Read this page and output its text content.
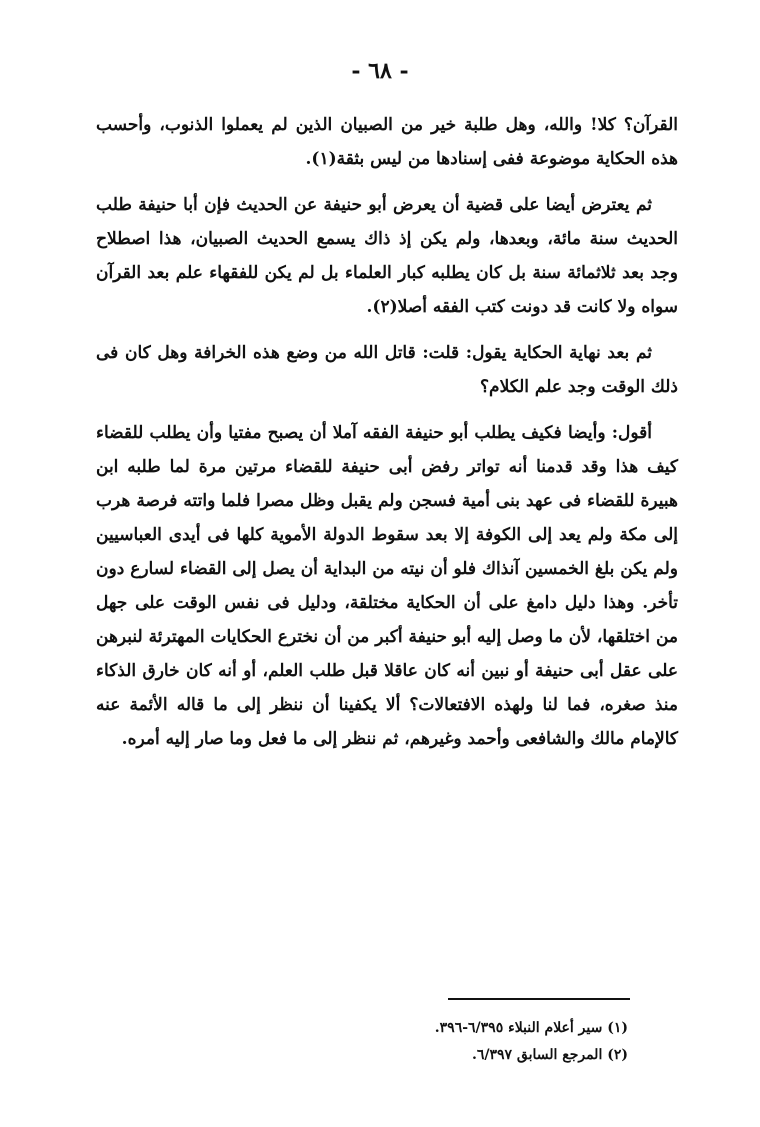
- ٦٨ -

القرآن؟ كلا! والله، وهل طلبة خير من الصبيان الذين لم يعملوا الذنوب، وأحسب هذه الحكاية موضوعة ففى إسنادها من ليس بثقة(١).

ثم يعترض أيضا على قضية أن يعرض أبو حنيفة عن الحديث فإن أبا حنيفة طلب الحديث سنة مائة، وبعدها، ولم يكن إذ ذاك يسمع الحديث الصبيان، هذا اصطلاح وجد بعد ثلاثمائة سنة بل كان يطلبه كبار العلماء بل لم يكن للفقهاء علم بعد القرآن سواه ولا كانت قد دونت كتب الفقه أصلا(٢).

ثم بعد نهاية الحكاية يقول: قلت: قاتل الله من وضع هذه الخرافة وهل كان فى ذلك الوقت وجد علم الكلام؟

أقول: وأيضا فكيف يطلب أبو حنيفة الفقه آملا أن يصبح مفتيا وأن يطلب للقضاء كيف هذا وقد قدمنا أنه تواتر رفض أبى حنيفة للقضاء مرتين مرة لما طلبه ابن هبيرة للقضاء فى عهد بنى أمية فسجن ولم يقبل وظل مصرا فلما واتته فرصة هرب إلى مكة ولم يعد إلى الكوفة إلا بعد سقوط الدولة الأموية كلها فى أيدى العباسيين ولم يكن بلغ الخمسين آنذاك فلو أن نيته من البداية أن يصل إلى القضاء لسارع دون تأخر. وهذا دليل دامغ على أن الحكاية مختلقة، ودليل فى نفس الوقت على جهل من اختلقها، لأن ما وصل إليه أبو حنيفة أكبر من أن نخترع الحكايات المهترئة لنبرهن على عقل أبى حنيفة أو نبين أنه كان عاقلا قبل طلب العلم، أو أنه كان خارق الذكاء منذ صغره، فما لنا ولهذه الافتعالات؟ ألا يكفينا أن ننظر إلى ما قاله الأئمة عنه كالإمام مالك والشافعى وأحمد وغيرهم، ثم ننظر إلى ما فعل وما صار إليه أمره.

(١) سير أعلام النبلاء ٦/٣٩٥-٣٩٦.
(٢) المرجع السابق ٦/٣٩٧.
